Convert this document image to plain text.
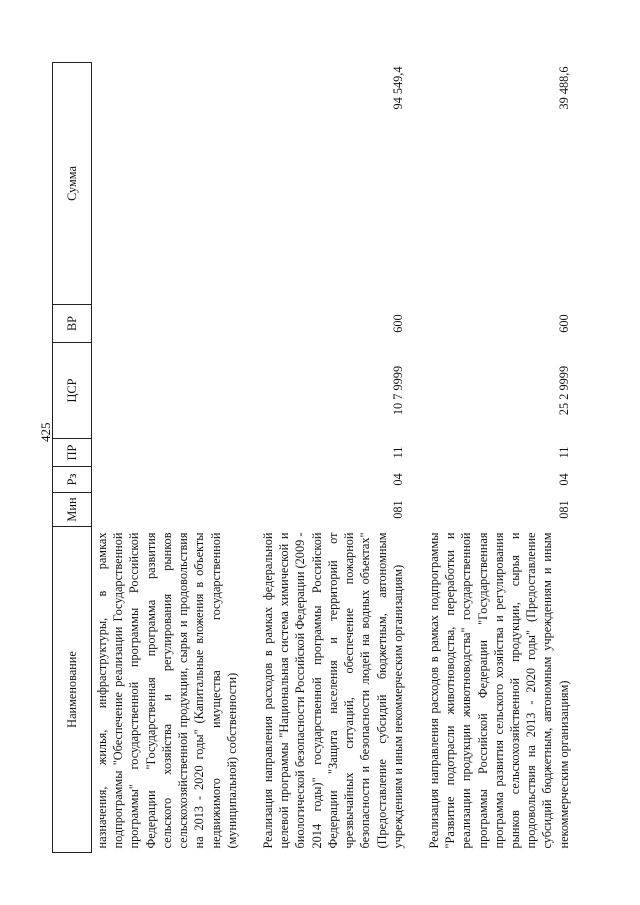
425
Наименование	Мин	Рз	ПР	ЦСР	ВР	Сумма
назначения, жилья, инфраструктуры, в рамках подпрограммы "Обеспечение реализации Государственной программы" государственной программы Российской Федерации "Государственная программа развития сельского хозяйства и регулирования рынков сельскохозяйственной продукции, сырья и продовольствия на 2013 - 2020 годы" (Капитальные вложения в объекты недвижимого имущества государственной (муниципальной) собственности)						
Реализация направления расходов в рамках федеральной целевой программы "Национальная система химической и биологической безопасности Российской Федерации (2009 - 2014 годы)" государственной программы Российской Федерации "Защита населения и территорий от чрезвычайных ситуаций, обеспечение пожарной безопасности и безопасности людей на водных объектах" (Предоставление субсидий бюджетным, автономным учреждениям и иным некоммерческим организациям)	081	04	11	10 7 9999	600	94 549,4
Реализация направления расходов в рамках подпрограммы "Развитие подотрасли животноводства, переработки и реализации продукции животноводства" государственной программы Российской Федерации "Государственная программа развития сельского хозяйства и регулирования рынков сельскохозяйственной продукции, сырья и продовольствия на 2013 - 2020 годы" (Предоставление субсидий бюджетным, автономным учреждениям и иным некоммерческим организациям)	081	04	11	25 2 9999	600	39 488,6
